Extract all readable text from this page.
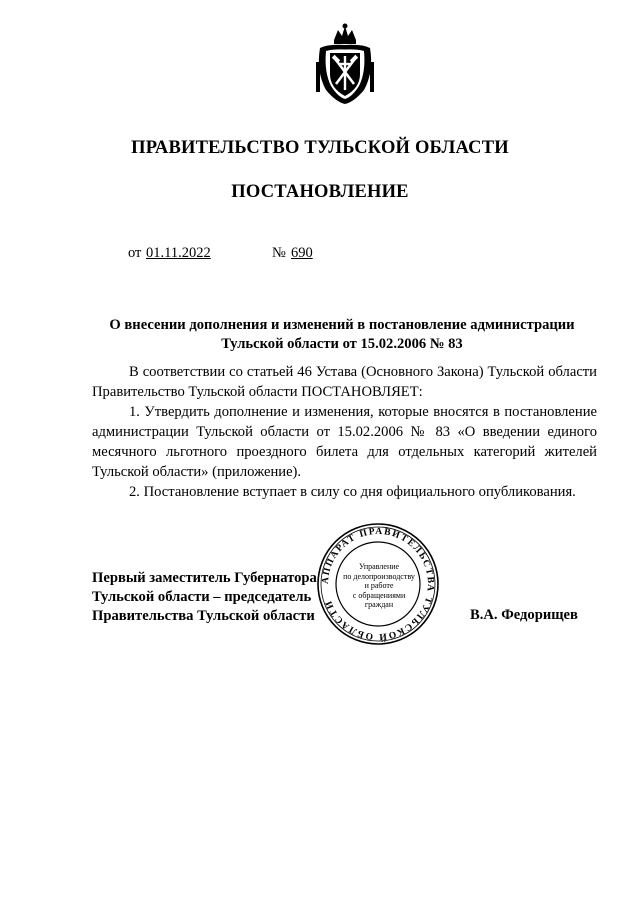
ПРАВИТЕЛЬСТВО ТУЛЬСКОЙ ОБЛАСТИ
ПОСТАНОВЛЕНИЕ
от 01.11.2022	№ 690
О внесении дополнения и изменений в постановление администрации
Тульской области от 15.02.2006 № 83

В соответствии со статьей 46 Устава (Основного Закона) Тульской области Правительство Тульской области ПОСТАНОВЛЯЕТ:

1. Утвердить дополнение и изменения, которые вносятся в постановление администрации Тульской области от 15.02.2006 № 83 «О введении единого месячного льготного проездного билета для отдельных категорий жителей Тульской области» (приложение).

2. Постановление вступает в силу со дня официального опубликования.

АППАРАТ ПРАВИТЕЛЬСТВА ТУЛЬСКОЙ ОБЛАСТИ
Управление
по делопроизводству
и работе
с обращениями
граждан
Первый заместитель Губернатора
Тульской области – председатель
Правительства Тульской области	В.А. Федорищев
